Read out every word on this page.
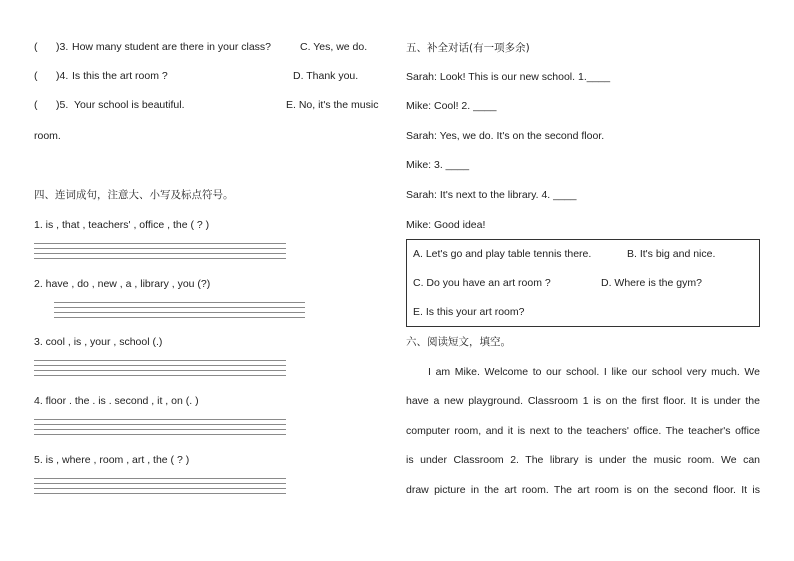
( )3. How many student are there in your class?	C. Yes, we do.
( )4. Is this the art room ?	D. Thank you.
( )5. Your school is beautiful.	E. No, it's the music
room.
四、连词成句，注意大、小写及标点符号。
1. is , that , teachers' , office , the ( ? )
2. have , do , new , a , library , you (?)
3. cool , is , your , school (.)
4. floor . the . is . second , it , on (. )
5. is , where , room , art , the ( ? )
五、补全对话(有一项多余)
Sarah: Look! This is our new school. 1.____
Mike: Cool! 2. ____
Sarah: Yes, we do. It's on the second floor.
Mike: 3. ____
Sarah: It's next to the library. 4. ____
Mike: Good idea!
A. Let's go and play table tennis there.	B. It's big and nice.
C. Do you have an art room ?	D. Where is the gym?
E. Is this your art room?
六、阅读短文，填空。
I am Mike. Welcome to our school. I like our school very much. We
have a new playground. Classroom 1 is on the first floor. It is under the
computer room, and it is next to the teachers' office. The teacher's office
is under Classroom 2. The library is under the music room. We can
draw picture in the art room. The art room is on the second floor. It is
